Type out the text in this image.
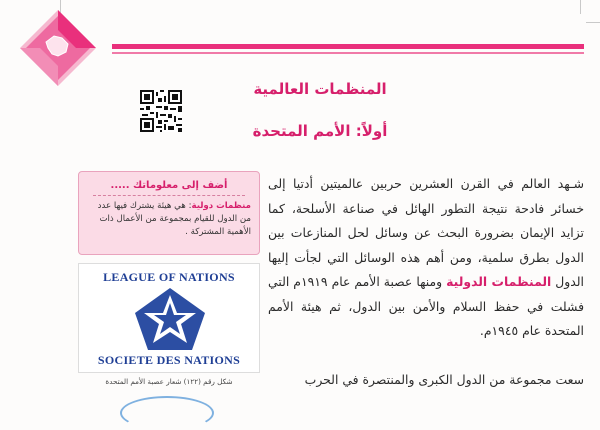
المنظمات العالمية
أولاً: الأمم المتحدة
شـهد العالم في القرن العشرين حربين عالميتين أدتيا إلى خسائر فادحة نتيجة التطور الهائل في صناعة الأسلحة، كما تزايد الإيمان بضرورة البحث عن وسائل لحل المنازعات بين الدول بطرق سلمية، ومن أهم هذه الوسائل التي لجأت إليها الدول المنظمات الدولية ومنها عصبة الأمم عام ١٩١٩م التي فشلت في حفظ السلام والأمن بين الدول، ثم هيئة الأمم المتحدة عام ١٩٤٥م.
سعت مجموعة من الدول الكبرى والمنتصرة في الحرب
أضف إلى معلوماتك .....
منظمات دولية: هي هيئة يشترك فيها عدد من الدول للقيام بمجموعة من الأعمال ذات الأهمية المشتركة .
LEAGUE OF NATIONS
SOCIETE DES NATIONS
شكل رقم (١٢٢) شعار عصبة الأمم المتحدة
